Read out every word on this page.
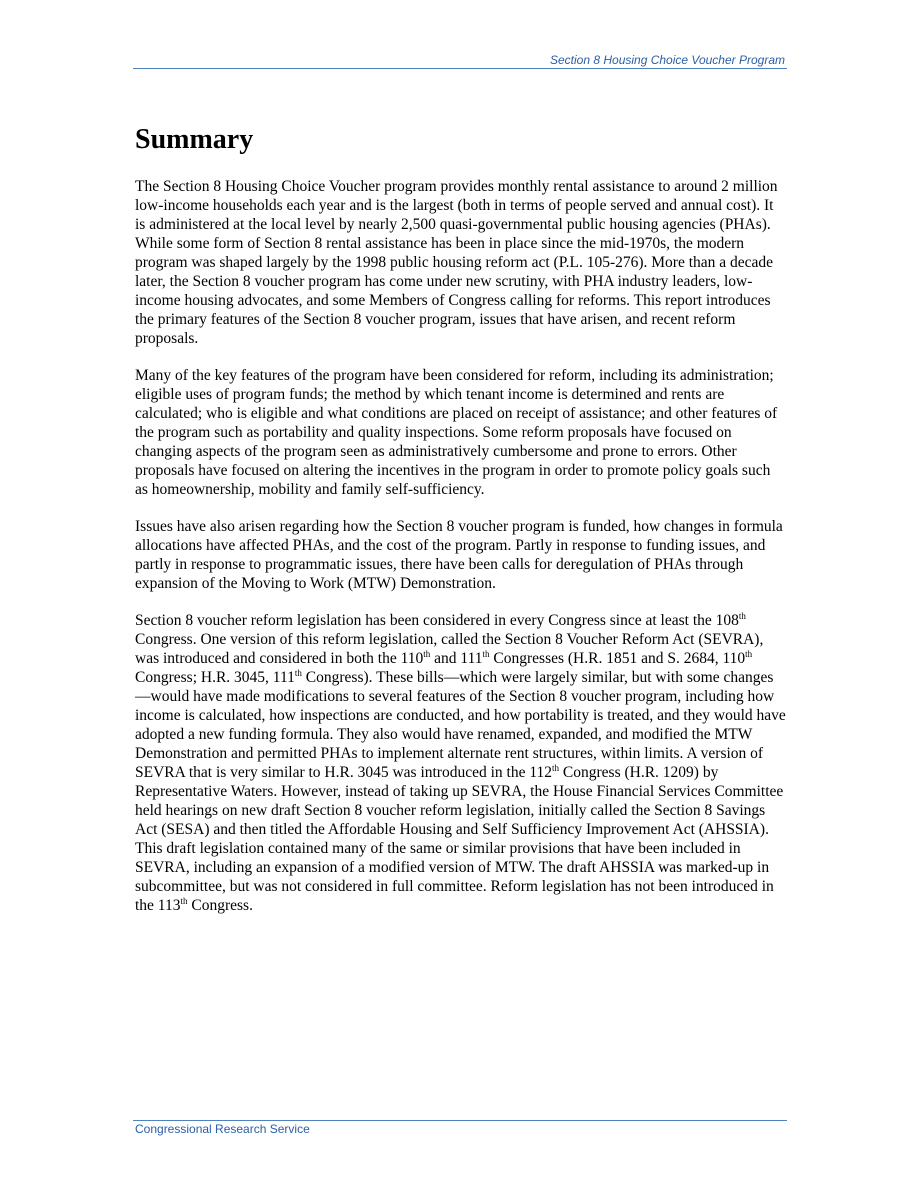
Section 8 Housing Choice Voucher Program
Summary

The Section 8 Housing Choice Voucher program provides monthly rental assistance to around 2 million low-income households each year and is the largest (both in terms of people served and annual cost). It is administered at the local level by nearly 2,500 quasi-governmental public housing agencies (PHAs). While some form of Section 8 rental assistance has been in place since the mid-1970s, the modern program was shaped largely by the 1998 public housing reform act (P.L. 105-276). More than a decade later, the Section 8 voucher program has come under new scrutiny, with PHA industry leaders, low-income housing advocates, and some Members of Congress calling for reforms. This report introduces the primary features of the Section 8 voucher program, issues that have arisen, and recent reform proposals.

Many of the key features of the program have been considered for reform, including its administration; eligible uses of program funds; the method by which tenant income is determined and rents are calculated; who is eligible and what conditions are placed on receipt of assistance; and other features of the program such as portability and quality inspections. Some reform proposals have focused on changing aspects of the program seen as administratively cumbersome and prone to errors. Other proposals have focused on altering the incentives in the program in order to promote policy goals such as homeownership, mobility and family self-sufficiency.

Issues have also arisen regarding how the Section 8 voucher program is funded, how changes in formula allocations have affected PHAs, and the cost of the program. Partly in response to funding issues, and partly in response to programmatic issues, there have been calls for deregulation of PHAs through expansion of the Moving to Work (MTW) Demonstration.

Section 8 voucher reform legislation has been considered in every Congress since at least the 108th Congress. One version of this reform legislation, called the Section 8 Voucher Reform Act (SEVRA), was introduced and considered in both the 110th and 111th Congresses (H.R. 1851 and S. 2684, 110th Congress; H.R. 3045, 111th Congress). These bills—which were largely similar, but with some changes—would have made modifications to several features of the Section 8 voucher program, including how income is calculated, how inspections are conducted, and how portability is treated, and they would have adopted a new funding formula. They also would have renamed, expanded, and modified the MTW Demonstration and permitted PHAs to implement alternate rent structures, within limits. A version of SEVRA that is very similar to H.R. 3045 was introduced in the 112th Congress (H.R. 1209) by Representative Waters. However, instead of taking up SEVRA, the House Financial Services Committee held hearings on new draft Section 8 voucher reform legislation, initially called the Section 8 Savings Act (SESA) and then titled the Affordable Housing and Self Sufficiency Improvement Act (AHSSIA). This draft legislation contained many of the same or similar provisions that have been included in SEVRA, including an expansion of a modified version of MTW. The draft AHSSIA was marked-up in subcommittee, but was not considered in full committee. Reform legislation has not been introduced in the 113th Congress.

Congressional Research Service
